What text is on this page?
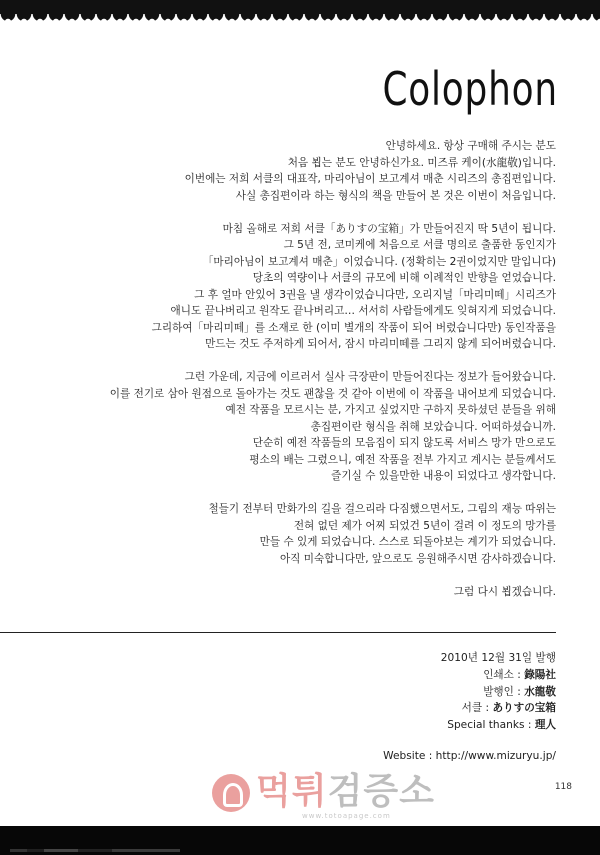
Colophon

안녕하세요. 항상 구매해 주시는 분도

처음 뵙는 분도 안녕하신가요. 미즈류 케이(水龍敬)입니다.

이번에는 저희 서클의 대표작, 마리아님이 보고계셔 매춘 시리즈의 총집편입니다.

사실 총집편이라 하는 형식의 책을 만들어 본 것은 이번이 처음입니다.

마침 올해로 저희 서클「ありすの宝箱」가 만들어진지 딱 5년이 됩니다.

그 5년 전, 코미케에 처음으로 서클 명의로 출품한 동인지가

「마리아님이 보고계셔 매춘」이었습니다. (정확히는 2권이었지만 말입니다)

당초의 역량이나 서클의 규모에 비해 이례적인 반향을 얻었습니다.

그 후 얼마 안있어 3권을 낼 생각이었습니다만, 오리지널「마리미떼」시리즈가

애니도 끝나버리고 원작도 끝나버리고… 서서히 사람들에게도 잊혀지게 되었습니다.

그리하여「마리미떼」를 소재로 한 (이미 별개의 작품이 되어 버렸습니다만) 동인작품을

만드는 것도 주저하게 되어서, 잠시 마리미떼를 그리지 않게 되어버렸습니다.

그런 가운데, 지금에 이르러서 실사 극장판이 만들어진다는 정보가 들어왔습니다.

이를 전기로 삼아 원점으로 돌아가는 것도 괜찮을 것 같아 이번에 이 작품을 내어보게 되었습니다.

예전 작품을 모르시는 분, 가지고 싶었지만 구하지 못하셨던 분들을 위해

총집편이란 형식을 취해 보았습니다. 어떠하셨습니까.

단순히 예전 작품들의 모음집이 되지 않도록 서비스 망가 만으로도

평소의 배는 그렸으니, 예전 작품을 전부 가지고 계시는 분들께서도

즐기실 수 있을만한 내용이 되었다고 생각합니다.

철들기 전부터 만화가의 길을 걸으리라 다짐했으면서도, 그림의 재능 따위는

전혀 없던 제가 어찌 되었건 5년이 걸려 이 정도의 망가를

만들 수 있게 되었습니다. 스스로 되돌아보는 계기가 되었습니다.

아직 미숙합니다만, 앞으로도 응원해주시면 감사하겠습니다.

그럼 다시 뵙겠습니다.

2010년 12월 31일 발행

인쇄소 : 錄陽社

발행인 : 水龍敬

서클 : ありすの宝箱

Special thanks : 理人

Website : http://www.mizuryu.jp/

먹튀검증소
www.totoapage.com
118
